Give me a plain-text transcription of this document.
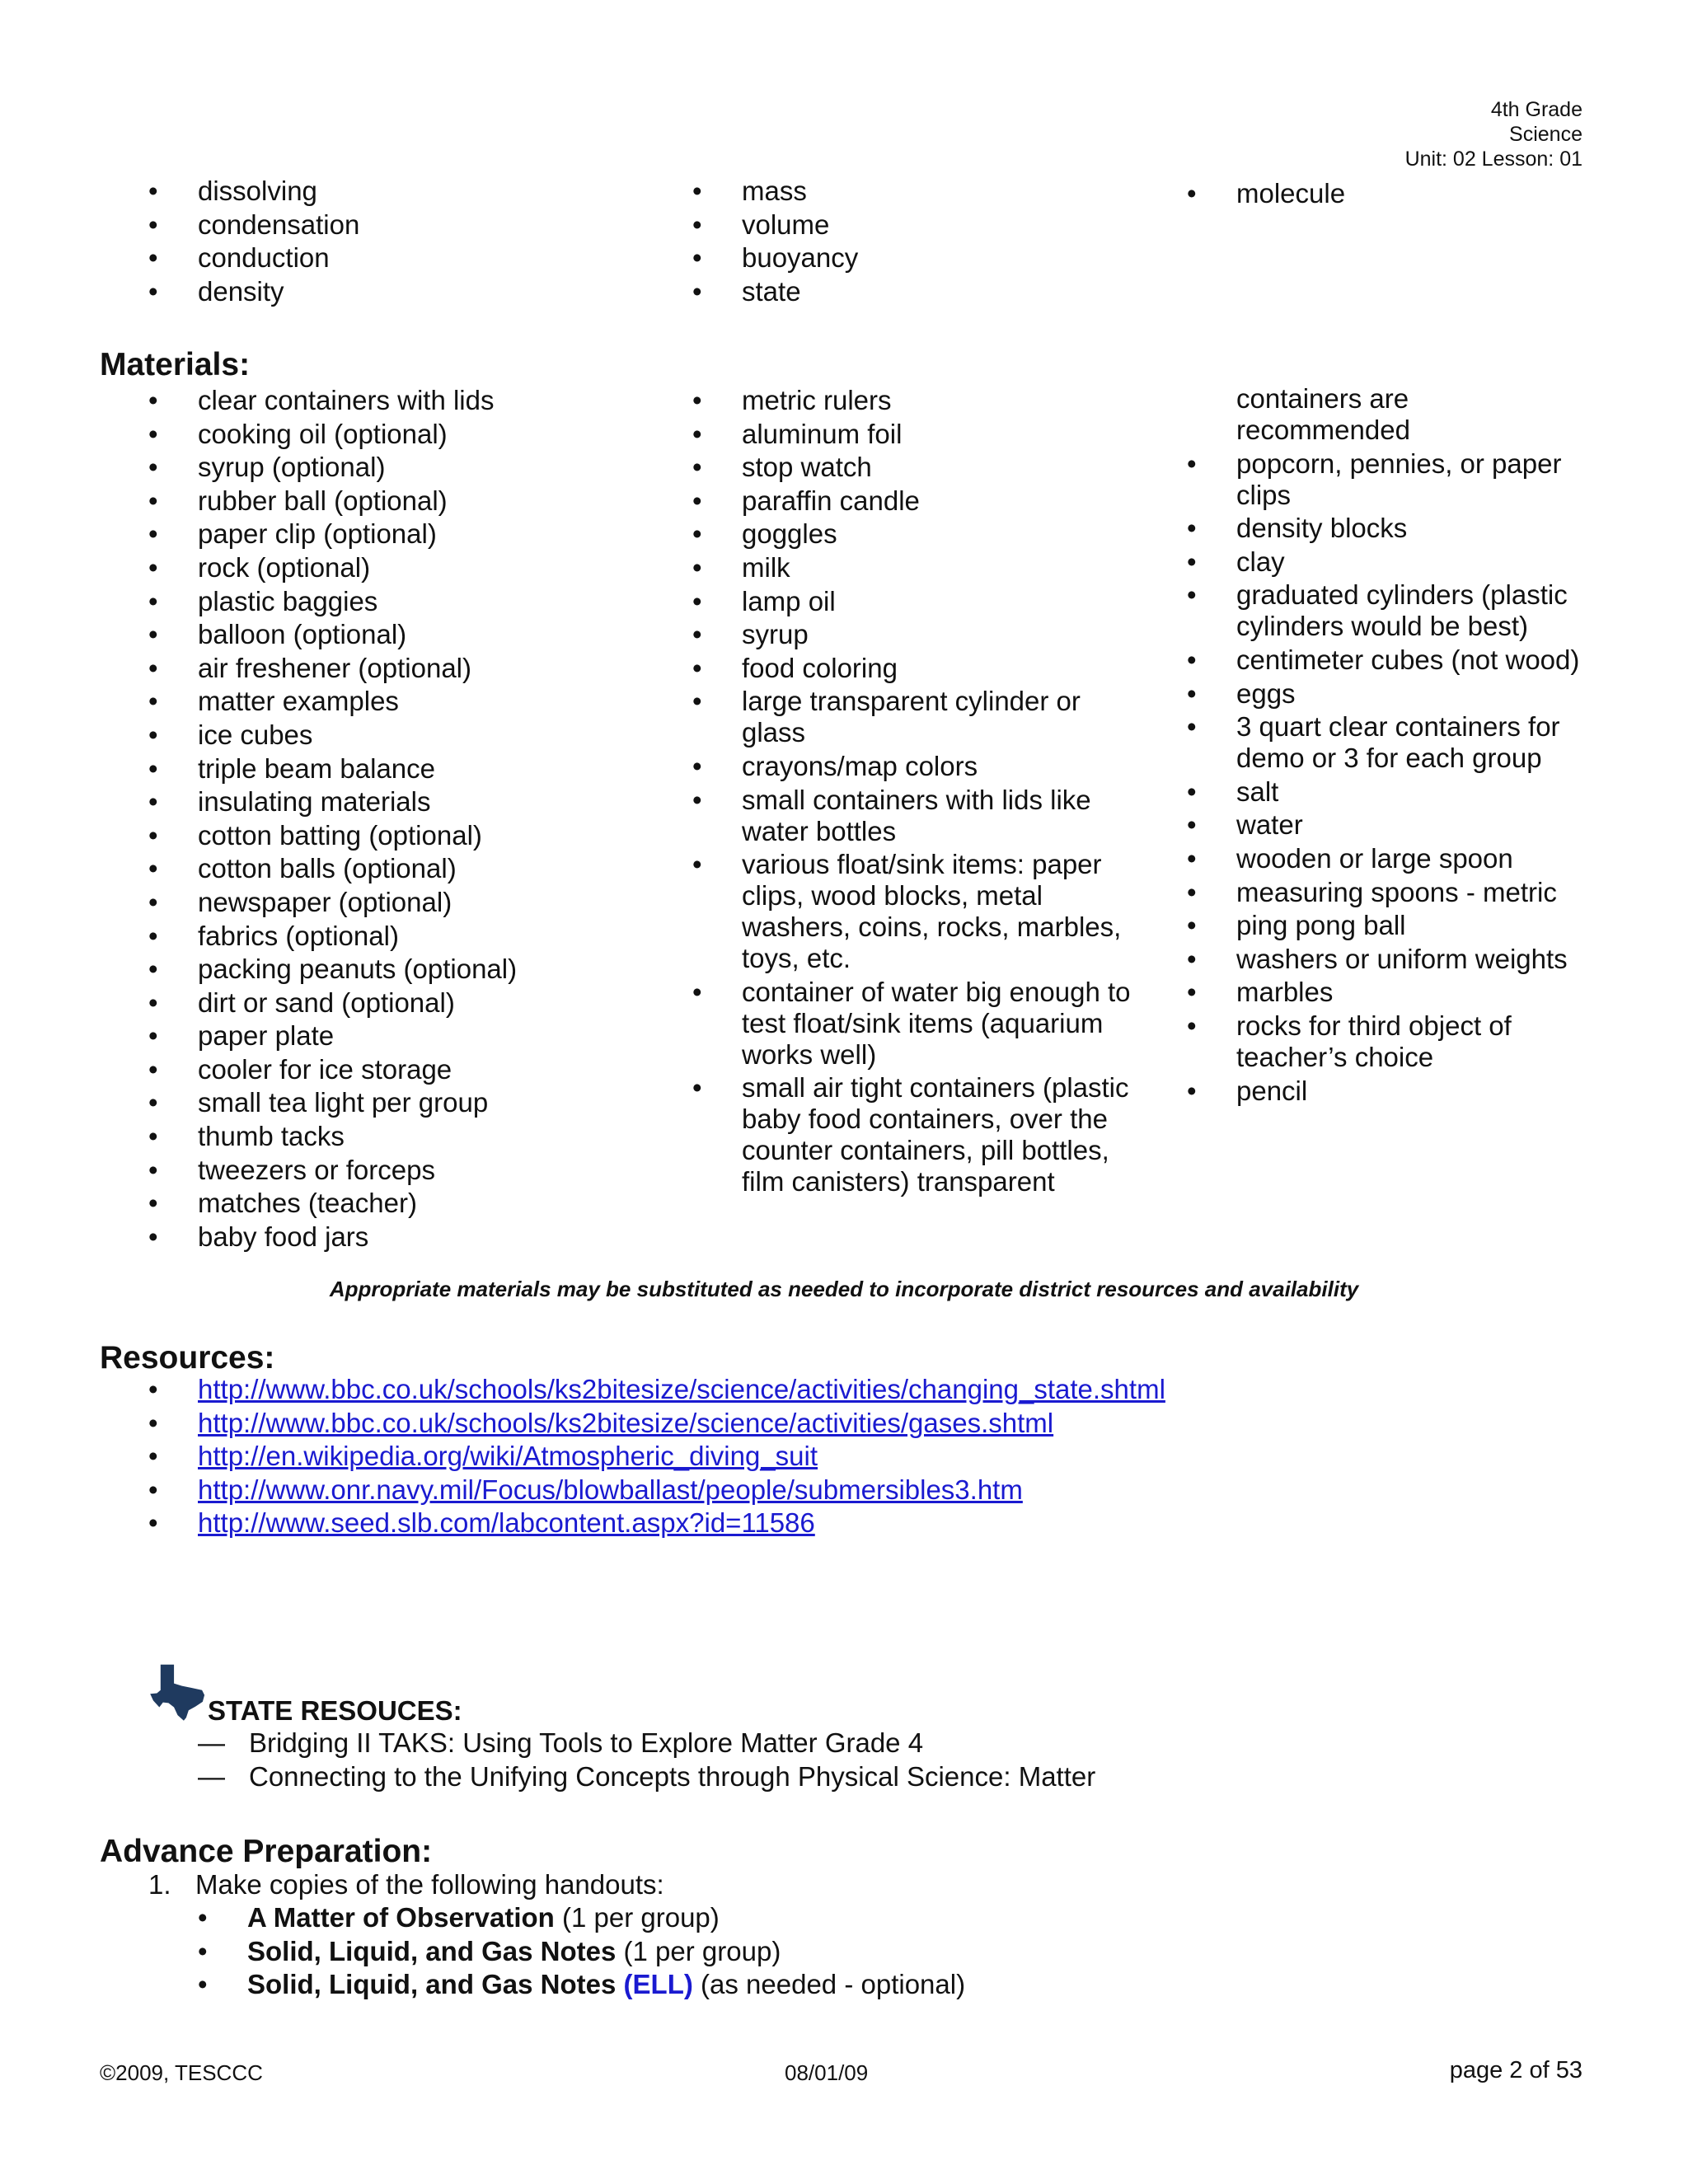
4th Grade
Science
Unit: 02 Lesson: 01
• dissolving
• condensation
• conduction
• density
• mass
• volume
• buoyancy
• state
• molecule
Materials:
• clear containers with lids
• cooking oil (optional)
• syrup (optional)
• rubber ball (optional)
• paper clip (optional)
• rock (optional)
• plastic baggies
• balloon (optional)
• air freshener (optional)
• matter examples
• ice cubes
• triple beam balance
• insulating materials
• cotton batting (optional)
• cotton balls (optional)
• newspaper (optional)
• fabrics (optional)
• packing peanuts (optional)
• dirt or sand (optional)
• paper plate
• cooler for ice storage
• small tea light per group
• thumb tacks
• tweezers or forceps
• matches (teacher)
• baby food jars
• metric rulers
• aluminum foil
• stop watch
• paraffin candle
• goggles
• milk
• lamp oil
• syrup
• food coloring
• large transparent cylinder or glass
• crayons/map colors
• small containers with lids like water bottles
• various float/sink items: paper clips, wood blocks, metal washers, coins, rocks, marbles, toys, etc.
• container of water big enough to test float/sink items (aquarium works well)
• small air tight containers (plastic baby food containers, over the counter containers, pill bottles, film canisters) transparent
containers are recommended
• popcorn, pennies, or paper clips
• density blocks
• clay
• graduated cylinders (plastic cylinders would be best)
• centimeter cubes (not wood)
• eggs
• 3 quart clear containers for demo or 3 for each group
• salt
• water
• wooden or large spoon
• measuring spoons - metric
• ping pong ball
• washers or uniform weights
• marbles
• rocks for third object of teacher’s choice
• pencil
Appropriate materials may be substituted as needed to incorporate district resources and availability
Resources:
• http://www.bbc.co.uk/schools/ks2bitesize/science/activities/changing_state.shtml
• http://www.bbc.co.uk/schools/ks2bitesize/science/activities/gases.shtml
• http://en.wikipedia.org/wiki/Atmospheric_diving_suit
• http://www.onr.navy.mil/Focus/blowballast/people/submersibles3.htm
• http://www.seed.slb.com/labcontent.aspx?id=11586
STATE RESOUCES:
— Bridging II TAKS: Using Tools to Explore Matter Grade 4
— Connecting to the Unifying Concepts through Physical Science: Matter
Advance Preparation:
1. Make copies of the following handouts:
• A Matter of Observation (1 per group)
• Solid, Liquid, and Gas Notes (1 per group)
• Solid, Liquid, and Gas Notes (ELL) (as needed - optional)
©2009, TESCCC	08/01/09	page 2 of 53
